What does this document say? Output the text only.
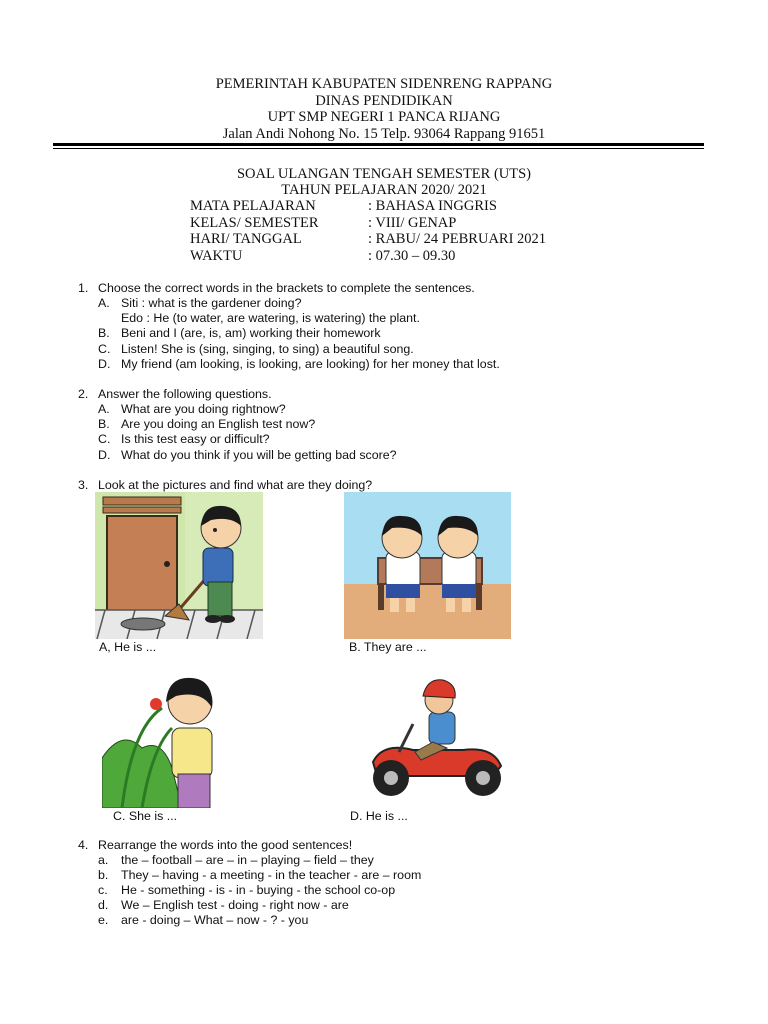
PEMERINTAH KABUPATEN SIDENRENG RAPPANG
DINAS PENDIDIKAN
UPT SMP NEGERI 1 PANCA RIJANG
Jalan Andi Nohong No. 15 Telp. 93064 Rappang 91651
SOAL ULANGAN TENGAH SEMESTER (UTS)
TAHUN PELAJARAN 2020/ 2021
MATA PELAJARAN	: BAHASA INGGRIS
KELAS/ SEMESTER	: VIII/ GENAP
HARI/ TANGGAL	: RABU/ 24 PEBRUARI 2021
WAKTU	: 07.30 – 09.30
1. Choose the correct words in the brackets to complete the sentences.
A. Siti : what is the gardener doing?
Edo : He (to water, are watering, is watering) the plant.
B. Beni and I (are, is, am) working their homework
C. Listen! She is (sing, singing, to sing) a beautiful song.
D. My friend (am looking, is looking, are looking) for her money that lost.
2. Answer the following questions.
A. What are you doing rightnow?
B. Are you doing an English test now?
C. Is this test easy or difficult?
D. What do you think if you will be getting bad score?
3. Look at the pictures and find what are they doing?
A, He is ...	B. They are ...
C. She is ...	D. He is ...
4. Rearrange the words into the good sentences!
a. the – football – are – in – playing – field – they
b. They – having - a meeting - in the teacher - are – room
c. He - something - is - in - buying - the school co-op
d. We – English test - doing - right now - are
e. are - doing – What – now - ? - you
